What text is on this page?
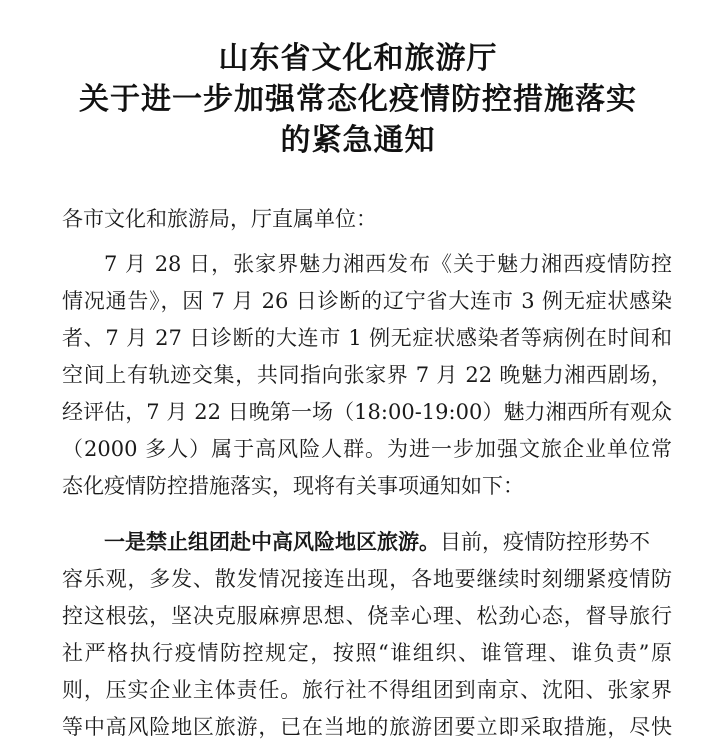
山东省文化和旅游厅
关于进一步加强常态化疫情防控措施落实
的紧急通知
各市文化和旅游局，厅直属单位：
7 月 28 日，张家界魅力湘西发布《关于魅力湘西疫情防控
情况通告》，因 7 月 26 日诊断的辽宁省大连市 3 例无症状感染
者、7 月 27 日诊断的大连市 1 例无症状感染者等病例在时间和
空间上有轨迹交集，共同指向张家界 7 月 22 晚魅力湘西剧场，
经评估，7 月 22 日晚第一场（18:00-19:00）魅力湘西所有观众
（2000 多人）属于高风险人群。为进一步加强文旅企业单位常
态化疫情防控措施落实，现将有关事项通知如下：
一是禁止组团赴中高风险地区旅游。目前，疫情防控形势不
容乐观，多发、散发情况接连出现，各地要继续时刻绷紧疫情防
控这根弦，坚决克服麻痹思想、侥幸心理、松劲心态，督导旅行
社严格执行疫情防控规定，按照“谁组织、谁管理、谁负责”原
则，压实企业主体责任。旅行社不得组团到南京、沈阳、张家界
等中高风险地区旅游，已在当地的旅游团要立即采取措施，尽快
